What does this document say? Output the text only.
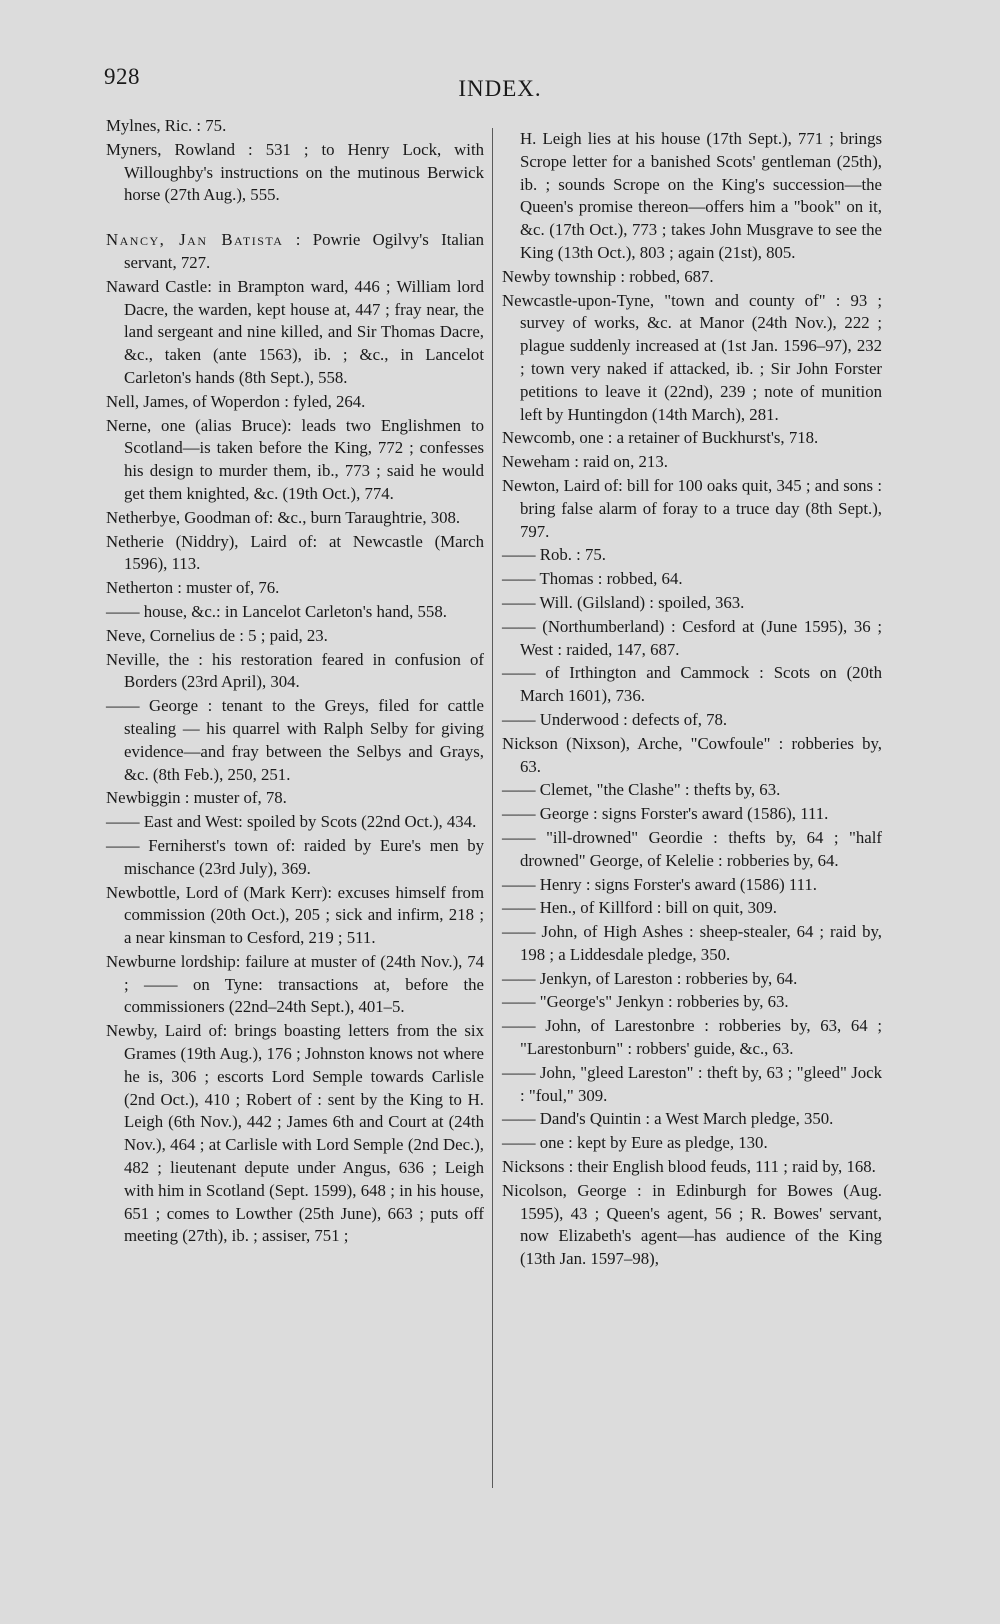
928	INDEX.

Mylnes, Ric. : 75.

Myners, Rowland : 531 ; to Henry Lock, with Willoughby's instructions on the mutinous Berwick horse (27th Aug.), 555.

Nancy, Jan Batista : Powrie Ogilvy's Italian servant, 727.

Naward Castle: in Brampton ward, 446 ; William lord Dacre, the warden, kept house at, 447 ; fray near, the land sergeant and nine killed, and Sir Thomas Dacre, &c., taken (ante 1563), ib. ; &c., in Lancelot Carleton's hands (8th Sept.), 558.

Nell, James, of Woperdon : fyled, 264.

Nerne, one (alias Bruce): leads two Englishmen to Scotland—is taken before the King, 772 ; confesses his design to murder them, ib., 773 ; said he would get them knighted, &c. (19th Oct.), 774.

Netherbye, Goodman of: &c., burn Taraughtrie, 308.

Netherie (Niddry), Laird of: at Newcastle (March 1596), 113.

Netherton : muster of, 76.

—— house, &c.: in Lancelot Carleton's hand, 558.

Neve, Cornelius de : 5 ; paid, 23.

Neville, the : his restoration feared in confusion of Borders (23rd April), 304.

—— George : tenant to the Greys, filed for cattle stealing — his quarrel with Ralph Selby for giving evidence—and fray between the Selbys and Grays, &c. (8th Feb.), 250, 251.

Newbiggin : muster of, 78.

—— East and West: spoiled by Scots (22nd Oct.), 434.

—— Ferniherst's town of: raided by Eure's men by mischance (23rd July), 369.

Newbottle, Lord of (Mark Kerr): excuses himself from commission (20th Oct.), 205 ; sick and infirm, 218 ; a near kinsman to Cesford, 219 ; 511.

Newburne lordship: failure at muster of (24th Nov.), 74 ; —— on Tyne: transactions at, before the commissioners (22nd–24th Sept.), 401–5.

Newby, Laird of: brings boasting letters from the six Grames (19th Aug.), 176 ; Johnston knows not where he is, 306 ; escorts Lord Semple towards Carlisle (2nd Oct.), 410 ; Robert of : sent by the King to H. Leigh (6th Nov.), 442 ; James 6th and Court at (24th Nov.), 464 ; at Carlisle with Lord Semple (2nd Dec.), 482 ; lieutenant depute under Angus, 636 ; Leigh with him in Scotland (Sept. 1599), 648 ; in his house, 651 ; comes to Lowther (25th June), 663 ; puts off meeting (27th), ib. ; assiser, 751 ;

H. Leigh lies at his house (17th Sept.), 771 ; brings Scrope letter for a banished Scots' gentleman (25th), ib. ; sounds Scrope on the King's succession—the Queen's promise thereon—offers him a "book" on it, &c. (17th Oct.), 773 ; takes John Musgrave to see the King (13th Oct.), 803 ; again (21st), 805.

Newby township : robbed, 687.

Newcastle-upon-Tyne, "town and county of" : 93 ; survey of works, &c. at Manor (24th Nov.), 222 ; plague suddenly increased at (1st Jan. 1596–97), 232 ; town very naked if attacked, ib. ; Sir John Forster petitions to leave it (22nd), 239 ; note of munition left by Huntingdon (14th March), 281.

Newcomb, one : a retainer of Buckhurst's, 718.

Neweham : raid on, 213.

Newton, Laird of: bill for 100 oaks quit, 345 ; and sons : bring false alarm of foray to a truce day (8th Sept.), 797.

—— Rob. : 75.

—— Thomas : robbed, 64.

—— Will. (Gilsland) : spoiled, 363.

—— (Northumberland) : Cesford at (June 1595), 36 ; West : raided, 147, 687.

—— of Irthington and Cammock : Scots on (20th March 1601), 736.

—— Underwood : defects of, 78.

Nickson (Nixson), Arche, "Cowfoule" : robberies by, 63.

—— Clemet, "the Clashe" : thefts by, 63.

—— George : signs Forster's award (1586), 111.

—— "ill-drowned" Geordie : thefts by, 64 ; "half drowned" George, of Kelelie : robberies by, 64.

—— Henry : signs Forster's award (1586) 111.

—— Hen., of Killford : bill on quit, 309.

—— John, of High Ashes : sheep-stealer, 64 ; raid by, 198 ; a Liddesdale pledge, 350.

—— Jenkyn, of Lareston : robberies by, 64.

—— "George's" Jenkyn : robberies by, 63.

—— John, of Larestonbre : robberies by, 63, 64 ; "Larestonburn" : robbers' guide, &c., 63.

—— John, "gleed Lareston" : theft by, 63 ; "gleed" Jock : "foul," 309.

—— Dand's Quintin : a West March pledge, 350.

—— one : kept by Eure as pledge, 130.

Nicksons : their English blood feuds, 111 ; raid by, 168.

Nicolson, George : in Edinburgh for Bowes (Aug. 1595), 43 ; Queen's agent, 56 ; R. Bowes' servant, now Elizabeth's agent—has audience of the King (13th Jan. 1597–98),
